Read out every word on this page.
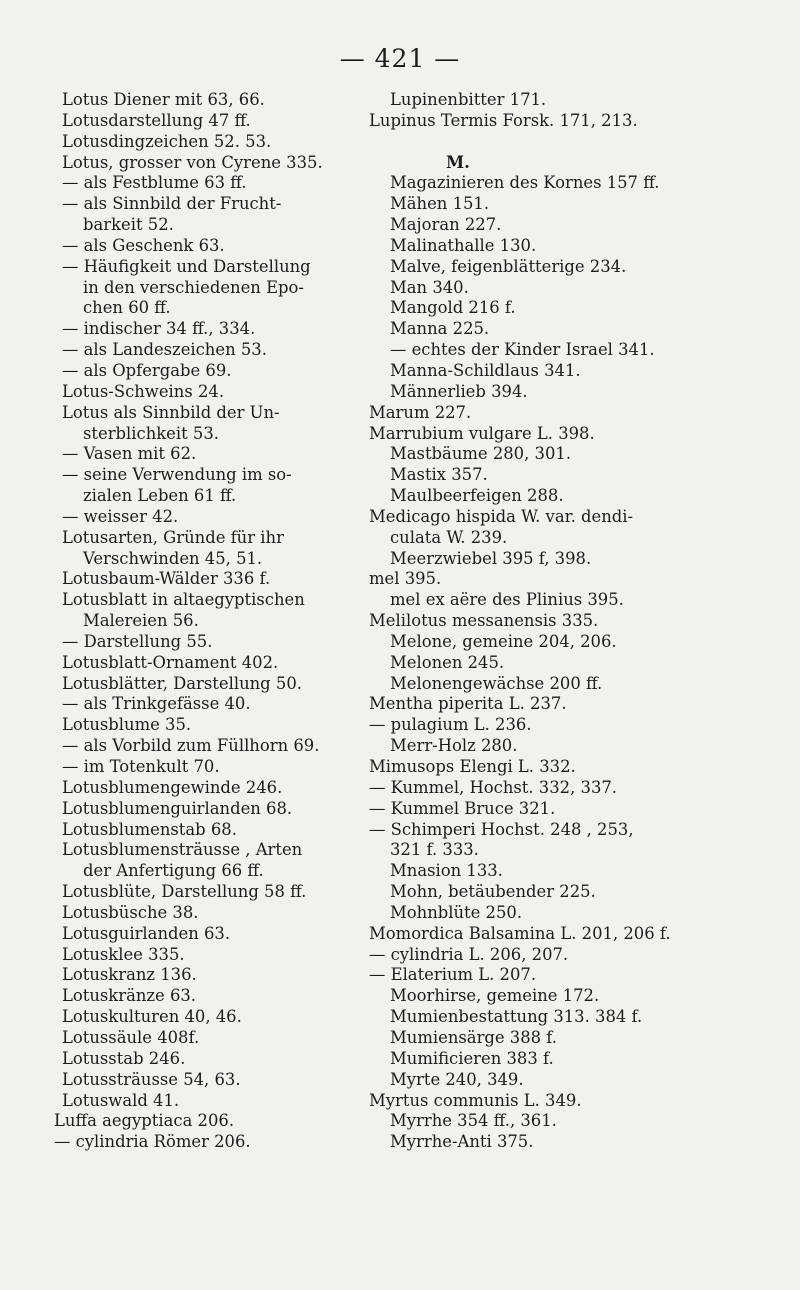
— 421 —
Lotus Diener mit 63, 66.
Lotusdarstellung 47 ff.
Lotusdingzeichen 52. 53.
Lotus, grosser von Cyrene 335.
— als Festblume 63 ff.
— als Sinnbild der Frucht-
barkeit 52.
— als Geschenk 63.
— Häufigkeit und Darstellung
in den verschiedenen Epo-
chen 60 ff.
— indischer 34 ff., 334.
— als Landeszeichen 53.
— als Opfergabe 69.
Lotus-Schweins 24.
Lotus als Sinnbild der Un-
sterblichkeit 53.
— Vasen mit 62.
— seine Verwendung im so-
zialen Leben 61 ff.
— weisser 42.
Lotusarten, Gründe für ihr
Verschwinden 45, 51.
Lotusbaum-Wälder 336 f.
Lotusblatt in altaegyptischen
Malereien 56.
— Darstellung 55.
Lotusblatt-Ornament 402.
Lotusblätter, Darstellung 50.
— als Trinkgefässe 40.
Lotusblume 35.
— als Vorbild zum Füllhorn 69.
— im Totenkult 70.
Lotusblumengewinde 246.
Lotusblumenguirlanden 68.
Lotusblumenstab 68.
Lotusblumensträusse , Arten
der Anfertigung 66 ff.
Lotusblüte, Darstellung 58 ff.
Lotusbüsche 38.
Lotusguirlanden 63.
Lotusklee 335.
Lotuskranz 136.
Lotuskränze 63.
Lotuskulturen 40, 46.
Lotussäule 408f.
Lotusstab 246.
Lotussträusse 54, 63.
Lotuswald 41.
Luffa aegyptiaca 206.
— cylindria Römer 206.
Lupinenbitter 171.
Lupinus Termis Forsk. 171, 213.

M.
Magazinieren des Kornes 157 ff.
Mähen 151.
Majoran 227.
Malinathalle 130.
Malve, feigenblätterige 234.
Man 340.
Mangold 216 f.
Manna 225.
— echtes der Kinder Israel 341.
Manna-Schildlaus 341.
Männerlieb 394.
Marum 227.
Marrubium vulgare L. 398.
Mastbäume 280, 301.
Mastix 357.
Maulbeerfeigen 288.
Medicago hispida W. var. dendi-
culata W. 239.
Meerzwiebel 395 f, 398.
mel 395.
mel ex aëre des Plinius 395.
Melilotus messanensis 335.
Melone, gemeine 204, 206.
Melonen 245.
Melonengewächse 200 ff.
Mentha piperita L. 237.
— pulagium L. 236.
Merr-Holz 280.
Mimusops Elengi L. 332.
— Kummel, Hochst. 332, 337.
— Kummel Bruce 321.
— Schimperi Hochst. 248 , 253,
321 f. 333.
Mnasion 133.
Mohn, betäubender 225.
Mohnblüte 250.
Momordica Balsamina L. 201, 206 f.
— cylindria L. 206, 207.
— Elaterium L. 207.
Moorhirse, gemeine 172.
Mumienbestattung 313. 384 f.
Mumiensärge 388 f.
Mumificieren 383 f.
Myrte 240, 349.
Myrtus communis L. 349.
Myrrhe 354 ff., 361.
Myrrhe-Anti 375.
